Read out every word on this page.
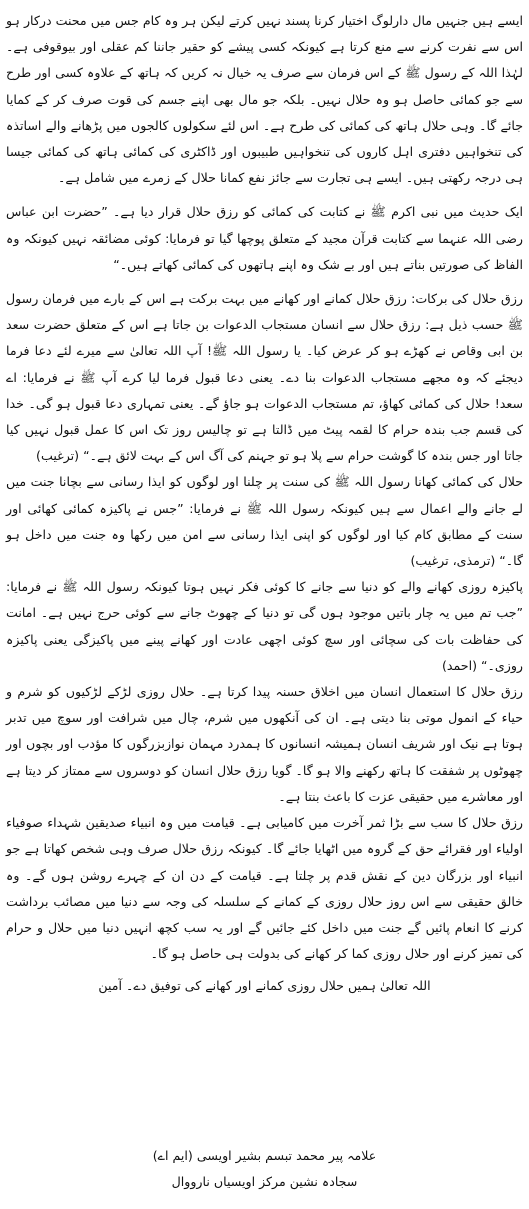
ایسے ہیں جنہیں مال دارلوگ اختیار کرنا پسند نہیں کرتے لیکن ہر وہ کام جس میں محنت درکار ہو اس سے نفرت کرنے سے منع کرتا ہے کیونکہ کسی پیشے کو حقیر جاننا کم عقلی اور بیوقوفی ہے۔ لہٰذا اللہ کے رسول ﷺ کے اس فرمان سے صرف یہ خیال نہ کریں کہ ہاتھ کے علاوہ کسی اور طرح سے جو کمائی حاصل ہو وہ حلال نہیں۔ بلکہ جو مال بھی اپنے جسم کی قوت صرف کر کے کمایا جائے گا۔ وہی حلال ہاتھ کی کمائی کی طرح ہے۔ اس لئے سکولوں کالجوں میں پڑھانے والے اساتذہ کی تنخواہیں دفتری اہل کاروں کی تنخواہیں طبیبوں اور ڈاکٹری کی کمائی ہاتھ کی کمائی جیسا ہی درجہ رکھتی ہیں۔ ایسے ہی تجارت سے جائز نفع کمانا حلال کے زمرے میں شامل ہے۔

ایک حدیث میں نبی اکرم ﷺ نے کتابت کی کمائی کو رزق حلال قرار دیا ہے۔ ”حضرت ابن عباس رضی اللہ عنہما سے کتابت قرآن مجید کے متعلق پوچھا گیا تو فرمایا: کوئی مضائقہ نہیں کیونکہ وہ الفاظ کی صورتیں بناتے ہیں اور بے شک وہ اپنے ہاتھوں کی کمائی کھاتے ہیں۔“

رزق حلال کی برکات: رزق حلال کمانے اور کھانے میں بہت برکت ہے اس کے بارے میں فرمان رسول ﷺ حسب ذیل ہے: رزق حلال سے انسان مستجاب الدعوات بن جاتا ہے اس کے متعلق حضرت سعد بن ابی وقاص نے کھڑے ہو کر عرض کیا۔ یا رسول اللہ ﷺ! آپ اللہ تعالیٰ سے میرے لئے دعا فرما دیجئے کہ وہ مجھے مستجاب الدعوات بنا دے۔ یعنی دعا قبول فرما لیا کرے آپ ﷺ نے فرمایا: اے سعد! حلال کی کمائی کھاؤ، تم مستجاب الدعوات ہو جاؤ گے۔ یعنی تمہاری دعا قبول ہو گی۔ خدا کی قسم جب بندہ حرام کا لقمہ پیٹ میں ڈالتا ہے تو چالیس روز تک اس کا عمل قبول نہیں کیا جاتا اور جس بندہ کا گوشت حرام سے پلا ہو تو جہنم کی آگ اس کے بہت لائق ہے۔“ (ترغیب)

حلال کی کمائی کھانا رسول اللہ ﷺ کی سنت پر چلنا اور لوگوں کو ایذا رسانی سے بچانا جنت میں لے جانے والے اعمال سے ہیں کیونکہ رسول اللہ ﷺ نے فرمایا: ”جس نے پاکیزہ کمائی کھائی اور سنت کے مطابق کام کیا اور لوگوں کو اپنی ایذا رسانی سے امن میں رکھا وہ جنت میں داخل ہو گا۔“ (ترمذی، ترغیب)

پاکیزہ روزی کھانے والے کو دنیا سے جانے کا کوئی فکر نہیں ہوتا کیونکہ رسول اللہ ﷺ نے فرمایا: ”جب تم میں یہ چار باتیں موجود ہوں گی تو دنیا کے چھوٹ جانے سے کوئی حرج نہیں ہے۔ امانت کی حفاظت بات کی سچائی اور سچ کوئی اچھی عادت اور کھانے پینے میں پاکیزگی یعنی پاکیزہ روزی۔“ (احمد)

رزق حلال کا استعمال انسان میں اخلاق حسنہ پیدا کرتا ہے۔ حلال روزی لڑکے لڑکیوں کو شرم و حیاء کے انمول موتی بنا دیتی ہے۔ ان کی آنکھوں میں شرم، چال میں شرافت اور سوچ میں تدبر ہوتا ہے نیک اور شریف انسان ہمیشہ انسانوں کا ہمدرد مہمان نوازبزرگوں کا مؤدب اور بچوں اور چھوٹوں پر شفقت کا ہاتھ رکھنے والا ہو گا۔ گویا رزق حلال انسان کو دوسروں سے ممتاز کر دیتا ہے اور معاشرے میں حقیقی عزت کا باعث بنتا ہے۔

رزق حلال کا سب سے بڑا ثمر آخرت میں کامیابی ہے۔ قیامت میں وہ انبیاء صدیقین شہداء صوفیاء اولیاء اور فقرائے حق کے گروہ میں اٹھایا جائے گا۔ کیونکہ رزق حلال صرف وہی شخص کھاتا ہے جو انبیاء اور بزرگان دین کے نقش قدم پر چلتا ہے۔ قیامت کے دن ان کے چہرے روشن ہوں گے۔ وہ خالق حقیقی سے اس روز حلال روزی کے کمانے کے سلسلہ کی وجہ سے دنیا میں مصائب برداشت کرنے کا انعام پائیں گے جنت میں داخل کئے جائیں گے اور یہ سب کچھ انہیں دنیا میں حلال و حرام کی تمیز کرنے اور حلال روزی کما کر کھانے کی بدولت ہی حاصل ہو گا۔

اللہ تعالیٰ ہمیں حلال روزی کمانے اور کھانے کی توفیق دے۔ آمین

علامہ پیر محمد تبسم بشیر اویسی (ایم اے)
سجادہ نشین مرکز اویسیاں نارووال
